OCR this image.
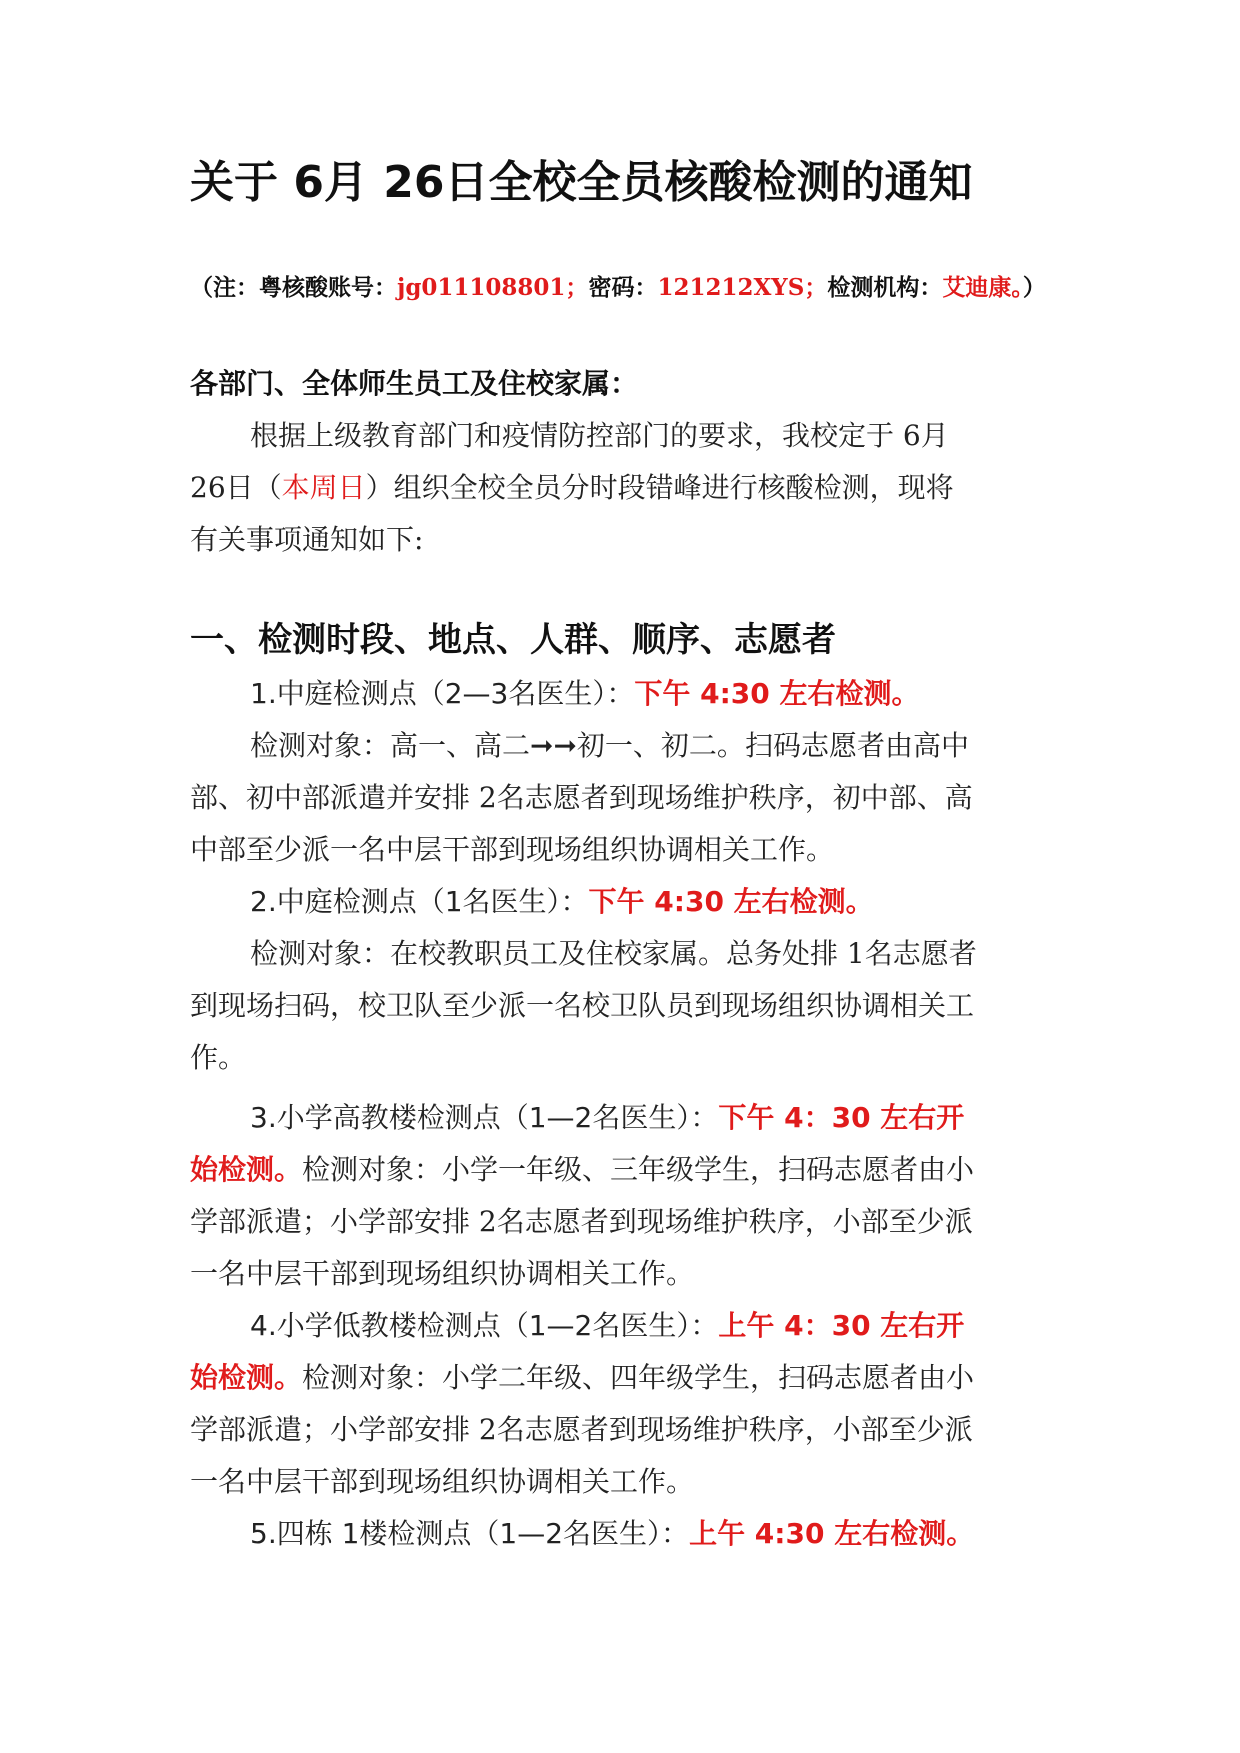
关于 6月 26日全校全员核酸检测的通知
（注：粤核酸账号：jg011108801；密码：121212XYS；检测机构：艾迪康。）
各部门、全体师生员工及住校家属：
根据上级教育部门和疫情防控部门的要求，我校定于 6月
26日（本周日）组织全校全员分时段错峰进行核酸检测，现将
有关事项通知如下:
一、检测时段、地点、人群、顺序、志愿者
1.中庭检测点（2—3名医生）：下午 4:30 左右检测。
检测对象：高一、高二➞➞初一、初二。扫码志愿者由高中
部、初中部派遣并安排 2名志愿者到现场维护秩序，初中部、高
中部至少派一名中层干部到现场组织协调相关工作。
2.中庭检测点（1名医生）：下午 4:30 左右检测。
检测对象：在校教职员工及住校家属。总务处排 1名志愿者
到现场扫码，校卫队至少派一名校卫队员到现场组织协调相关工
作。
3.小学高教楼检测点（1—2名医生）：下午 4：30 左右开
始检测。检测对象：小学一年级、三年级学生，扫码志愿者由小
学部派遣；小学部安排 2名志愿者到现场维护秩序，小部至少派
一名中层干部到现场组织协调相关工作。
4.小学低教楼检测点（1—2名医生）：上午 4：30 左右开
始检测。检测对象：小学二年级、四年级学生，扫码志愿者由小
学部派遣；小学部安排 2名志愿者到现场维护秩序，小部至少派
一名中层干部到现场组织协调相关工作。
5.四栋 1楼检测点（1—2名医生）：上午 4:30 左右检测。
